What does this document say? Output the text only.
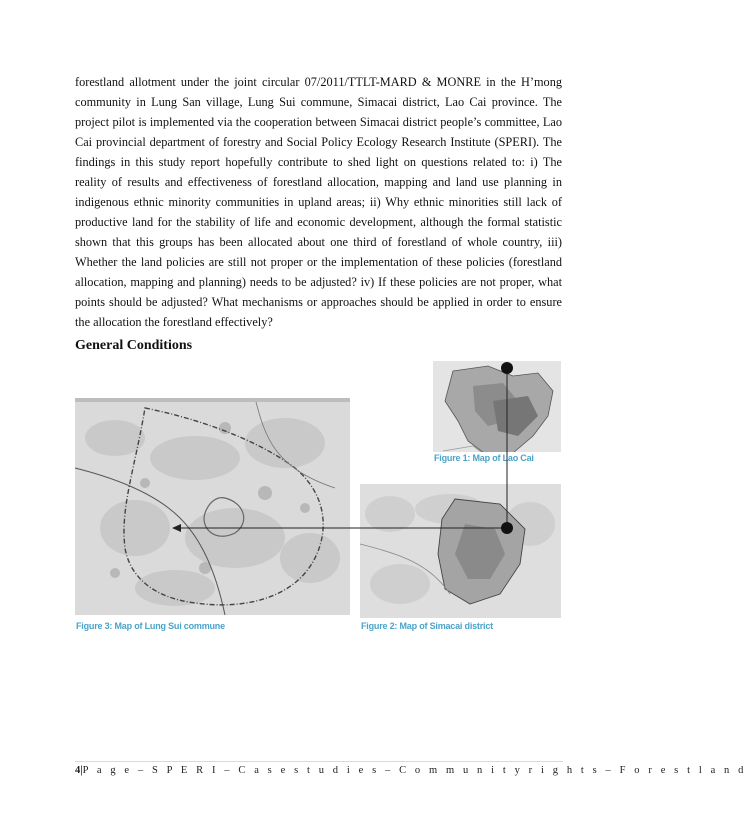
forestland allotment under the joint circular 07/2011/TTLT-MARD & MONRE in the H’mong community in Lung San village, Lung Sui commune, Simacai district, Lao Cai province. The project pilot is implemented via the cooperation between Simacai district people’s committee, Lao Cai provincial department of forestry and Social Policy Ecology Research Institute (SPERI). The findings in this study report hopefully contribute to shed light on questions related to: i) The reality of results and effectiveness of forestland allocation, mapping and land use planning in indigenous ethnic minority communities in upland areas; ii) Why ethnic minorities still lack of productive land for the stability of life and economic development, although the formal statistic shown that this groups has been allocated about one third of forestland of whole country, iii) Whether the land policies are still not proper or the implementation of these policies (forestland allocation, mapping and planning) needs to be adjusted? iv) If these policies are not proper, what points should be adjusted? What mechanisms or approaches should be applied in order to ensure the allocation the forestland effectively?

General Conditions
Figure 1: Map of Lao Cai
Figure 2: Map of Simacai district
Figure 3: Map of Lung Sui commune
4|P a g e – S P E R I – C a s e s t u d i e s – C o m m u n i t y r i g h t s – F o r e s t l a n d
